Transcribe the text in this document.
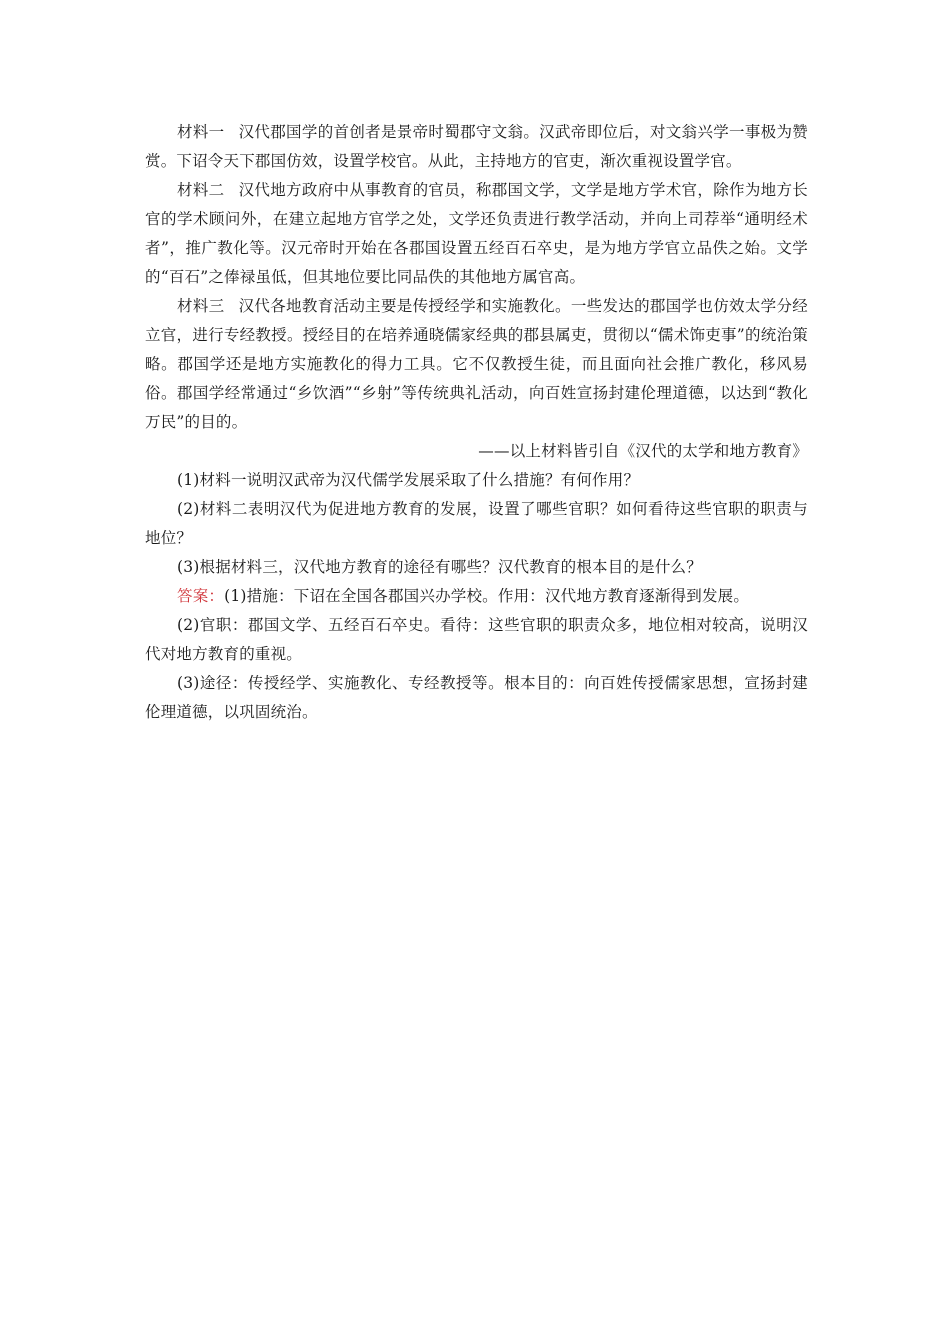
材料一 汉代郡国学的首创者是景帝时蜀郡守文翁。汉武帝即位后，对文翁兴学一事极为赞赏。下诏令天下郡国仿效，设置学校官。从此，主持地方的官吏，渐次重视设置学官。

材料二 汉代地方政府中从事教育的官员，称郡国文学，文学是地方学术官，除作为地方长官的学术顾问外，在建立起地方官学之处，文学还负责进行教学活动，并向上司荐举“通明经术者”，推广教化等。汉元帝时开始在各郡国设置五经百石卒史，是为地方学官立品佚之始。文学的“百石”之俸禄虽低，但其地位要比同品佚的其他地方属官高。

材料三 汉代各地教育活动主要是传授经学和实施教化。一些发达的郡国学也仿效太学分经立官，进行专经教授。授经目的在培养通晓儒家经典的郡县属吏，贯彻以“儒术饰吏事”的统治策略。郡国学还是地方实施教化的得力工具。它不仅教授生徒，而且面向社会推广教化，移风易俗。郡国学经常通过“乡饮酒”“乡射”等传统典礼活动，向百姓宣扬封建伦理道德，以达到“教化万民”的目的。

——以上材料皆引自《汉代的太学和地方教育》

(1)材料一说明汉武帝为汉代儒学发展采取了什么措施？有何作用？

(2)材料二表明汉代为促进地方教育的发展，设置了哪些官职？如何看待这些官职的职责与地位？

(3)根据材料三，汉代地方教育的途径有哪些？汉代教育的根本目的是什么？

答案：(1)措施：下诏在全国各郡国兴办学校。作用：汉代地方教育逐渐得到发展。

(2)官职：郡国文学、五经百石卒史。看待：这些官职的职责众多，地位相对较高，说明汉代对地方教育的重视。

(3)途径：传授经学、实施教化、专经教授等。根本目的：向百姓传授儒家思想，宣扬封建伦理道德，以巩固统治。
